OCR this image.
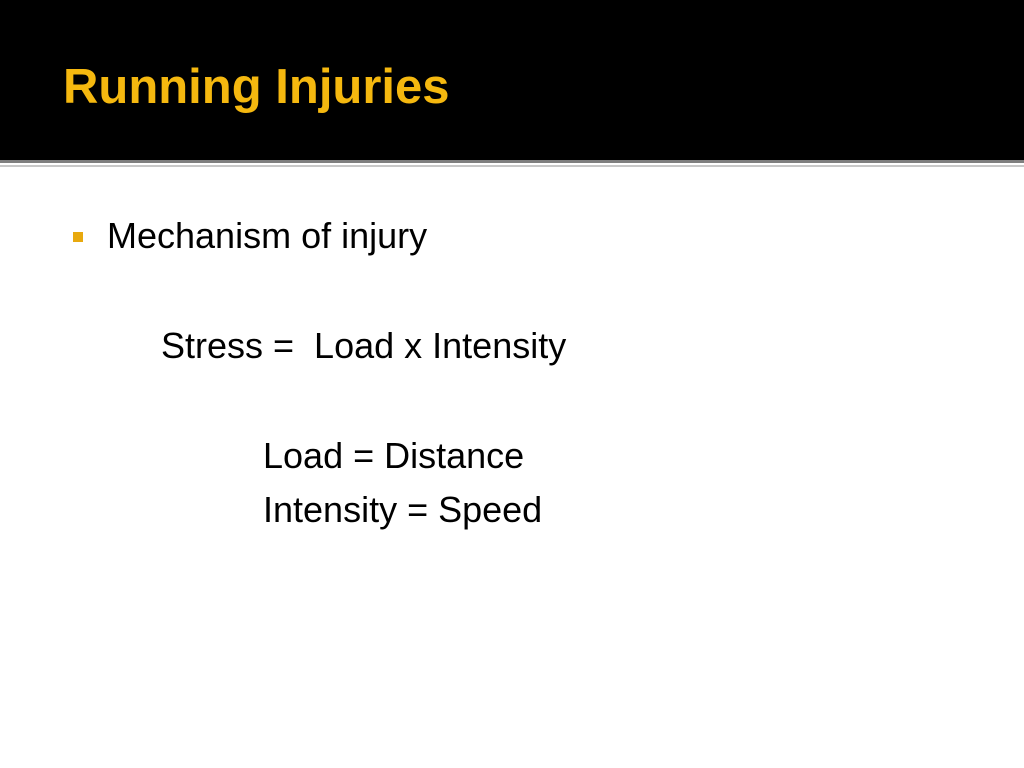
Running Injuries

Mechanism of injury

Stress =  Load x Intensity

Load = Distance

Intensity = Speed
